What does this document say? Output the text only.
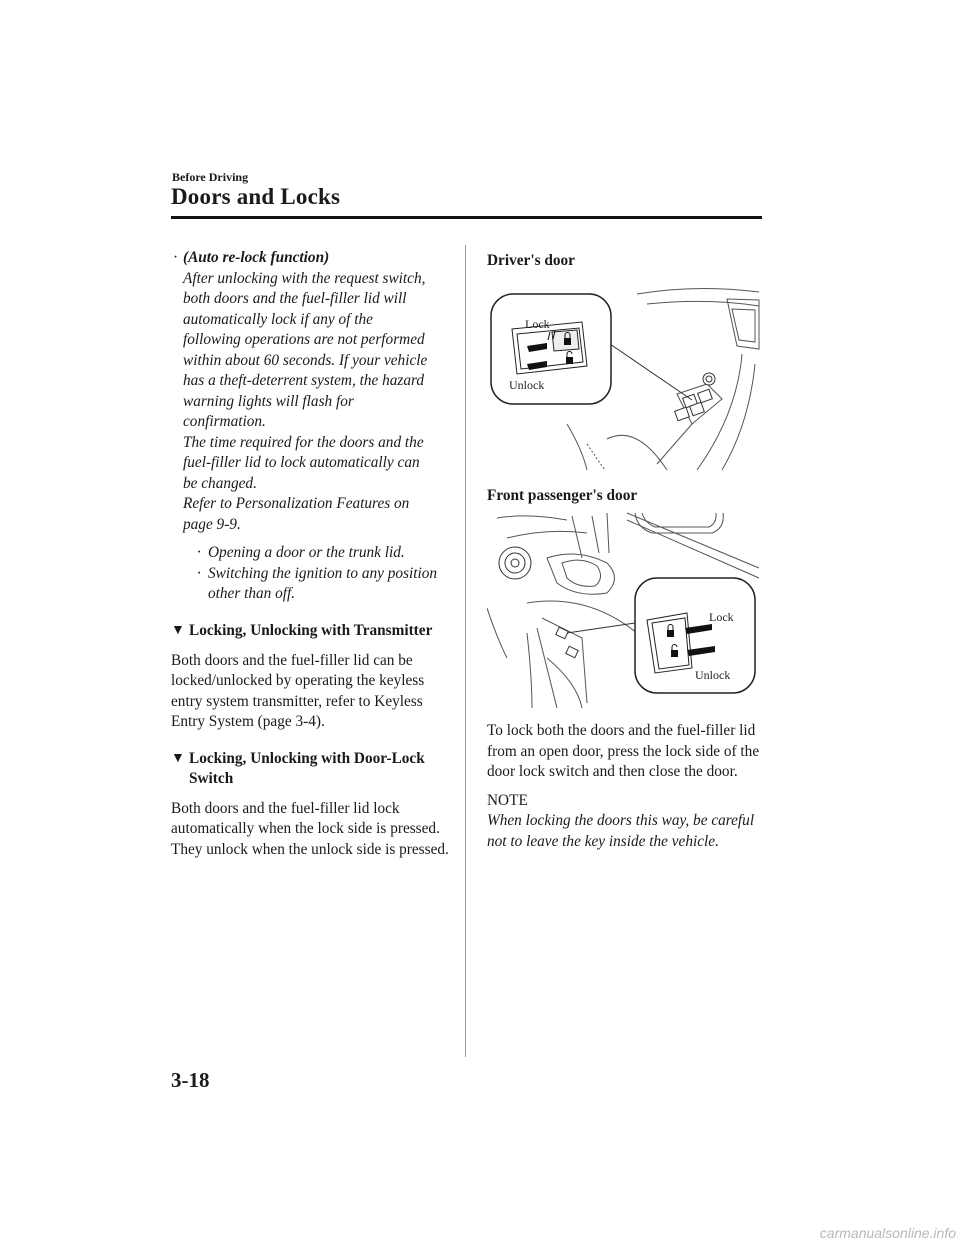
Before Driving
Doors and Locks
· (Auto re-lock function)
After unlocking with the request switch,
both doors and the fuel-filler lid will
automatically lock if any of the
following operations are not performed
within about 60 seconds. If your vehicle
has a theft-deterrent system, the hazard
warning lights will flash for
confirmation.
The time required for the doors and the
fuel-filler lid to lock automatically can
be changed.
Refer to Personalization Features on
page 9-9.
· Opening a door or the trunk lid.
· Switching the ignition to any position other than off.
▼ Locking, Unlocking with Transmitter

Both doors and the fuel-filler lid can be locked/unlocked by operating the keyless entry system transmitter, refer to Keyless Entry System (page 3-4).

▼ Locking, Unlocking with Door-Lock Switch

Both doors and the fuel-filler lid lock automatically when the lock side is pressed. They unlock when the unlock side is pressed.

Driver's door
Lock
Unlock
Front passenger's door
Lock
Unlock

To lock both the doors and the fuel-filler lid from an open door, press the lock side of the door lock switch and then close the door.

NOTE
When locking the doors this way, be careful not to leave the key inside the vehicle.
3-18
carmanualsonline.info
